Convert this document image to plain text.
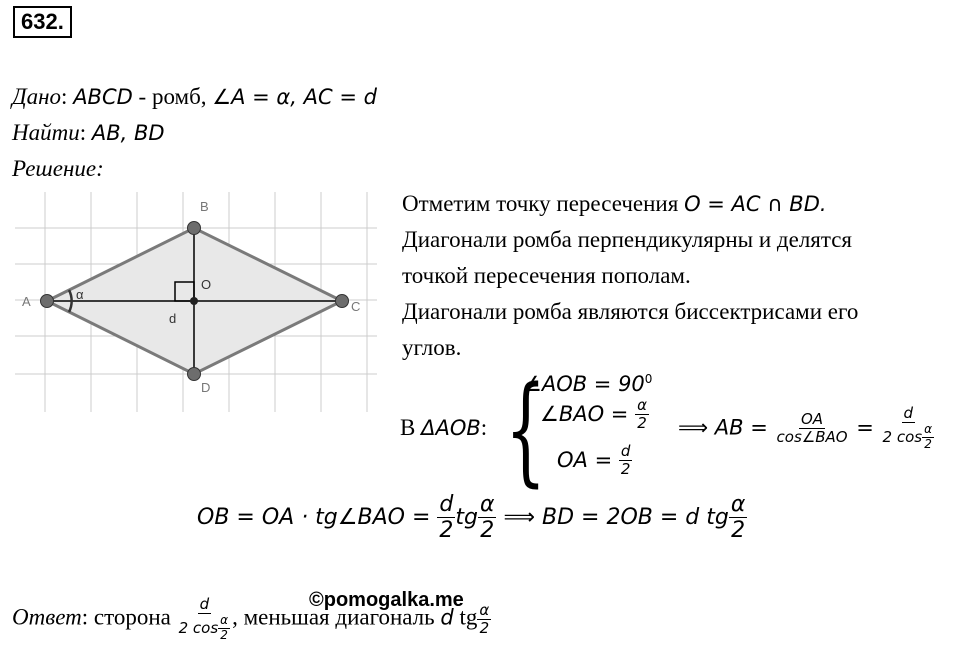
632.
Дано: ABCD - ромб, ∠A = α, AC = d
Найти: AB, BD
Решение:
A
B
C
D
O
d
α
Отметим точку пересечения O = AC ∩ BD.
Диагонали ромба перпендикулярны и делятся
точкой пересечения пополам.
Диагонали ромба являются биссектрисами его
углов.
В ΔAOB: {
∠AOB = $90^0$
∠BAO = $\frac{\alpha}{2}$
OA = $\frac{d}{2}$
⟹ AB = $\frac{OA}{\text{cos∠BAO}} = \frac{d}{2 \cos \frac{\alpha}{2}}$
OB = OA · tg∠BAO = $\frac{d}{2}$ tg $\frac{\alpha}{2}$ ⟹ BD = 2OB = d tg $\frac{\alpha}{2}$
©pomogalka.me
Ответ: сторона $\frac{d}{2 \cos \frac{\alpha}{2}}$ , меньшая диагональ d tg $\frac{\alpha}{2}$
